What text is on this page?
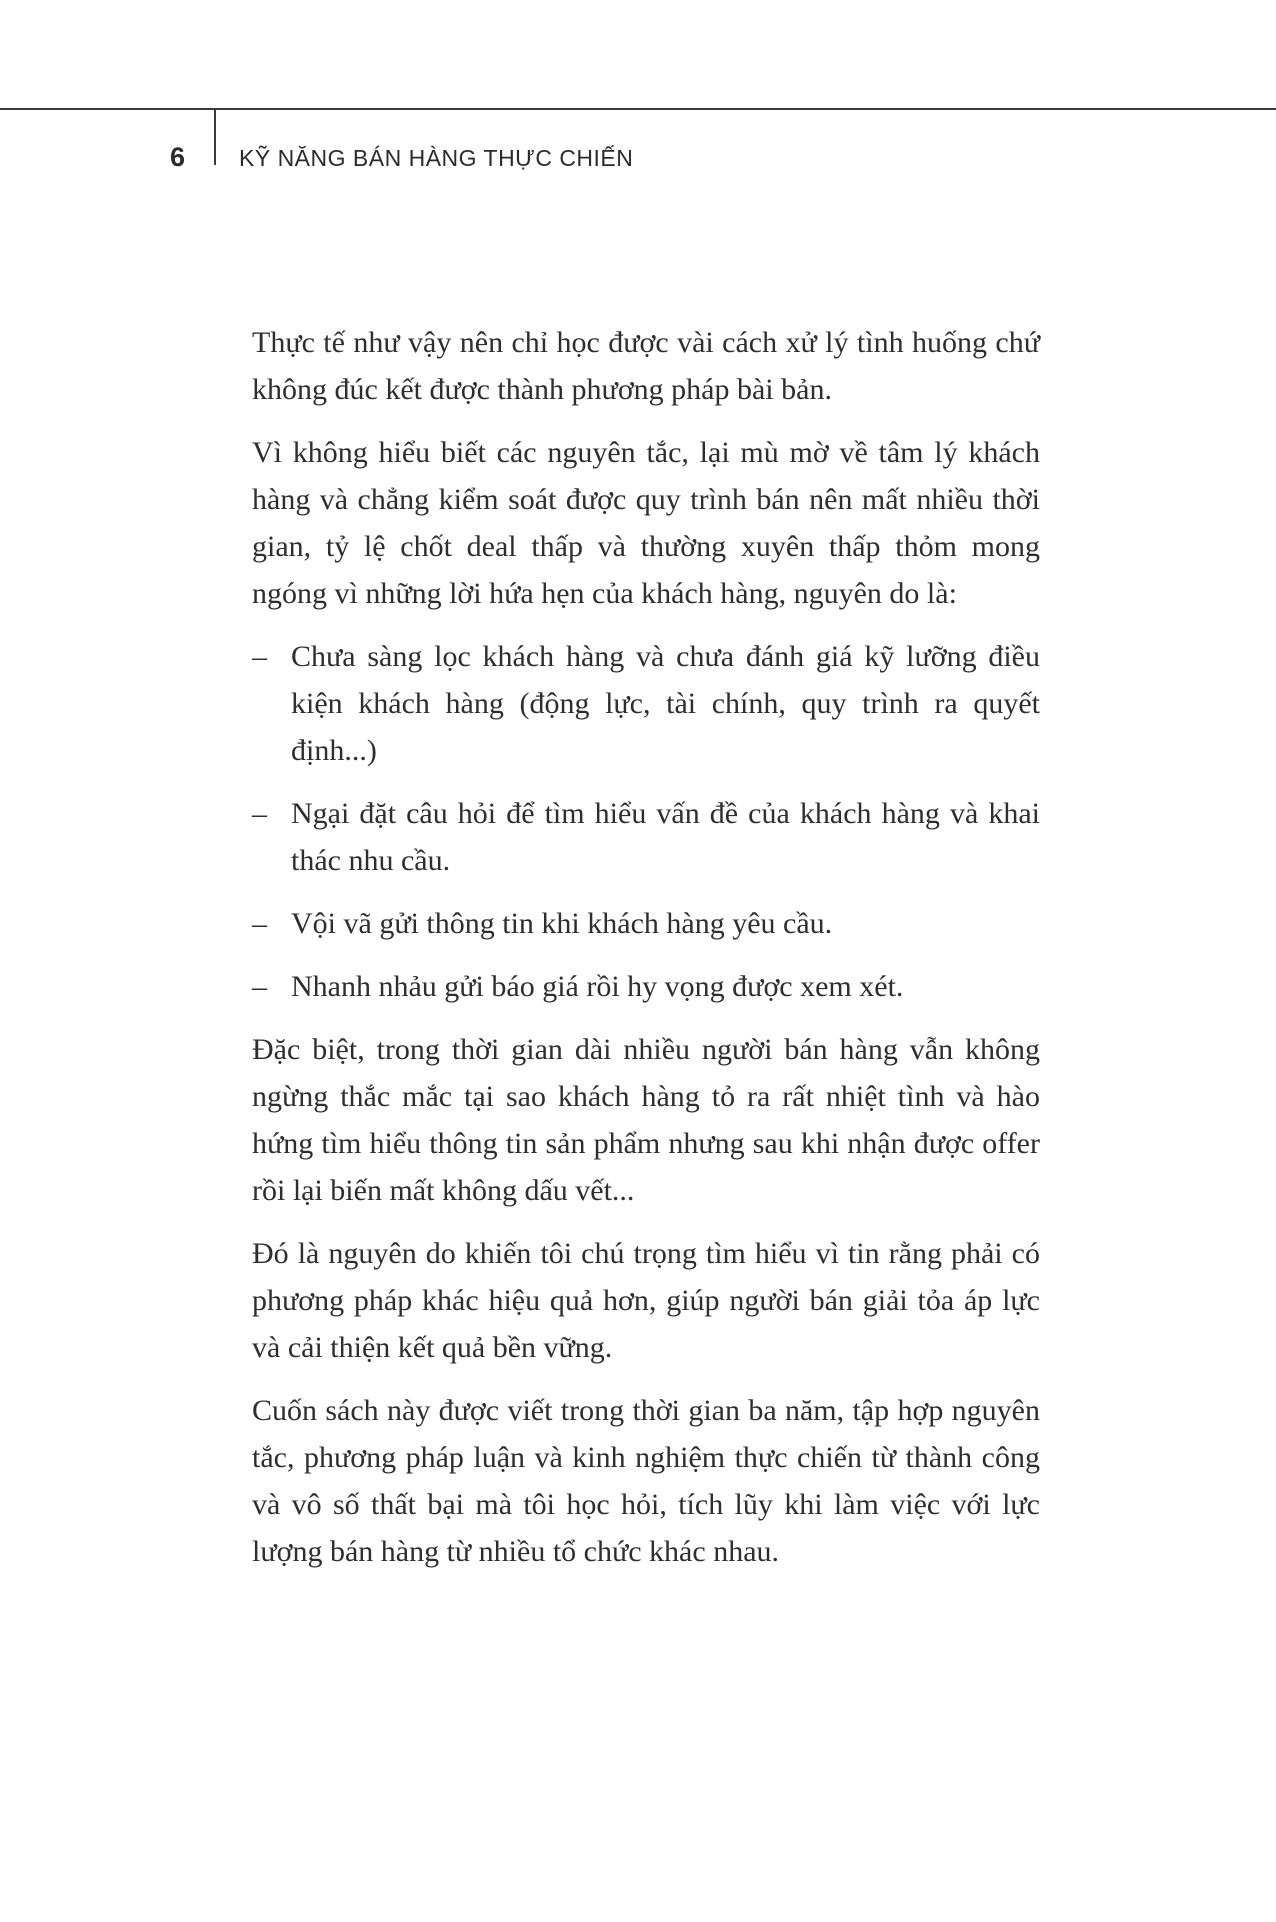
6 KỸ NĂNG BÁN HÀNG THỰC CHIẾN

Thực tế như vậy nên chỉ học được vài cách xử lý tình huống chứ không đúc kết được thành phương pháp bài bản.

Vì không hiểu biết các nguyên tắc, lại mù mờ về tâm lý khách hàng và chẳng kiểm soát được quy trình bán nên mất nhiều thời gian, tỷ lệ chốt deal thấp và thường xuyên thấp thỏm mong ngóng vì những lời hứa hẹn của khách hàng, nguyên do là:

– Chưa sàng lọc khách hàng và chưa đánh giá kỹ lưỡng điều kiện khách hàng (động lực, tài chính, quy trình ra quyết định...)
– Ngại đặt câu hỏi để tìm hiểu vấn đề của khách hàng và khai thác nhu cầu.
– Vội vã gửi thông tin khi khách hàng yêu cầu.
– Nhanh nhảu gửi báo giá rồi hy vọng được xem xét.

Đặc biệt, trong thời gian dài nhiều người bán hàng vẫn không ngừng thắc mắc tại sao khách hàng tỏ ra rất nhiệt tình và hào hứng tìm hiểu thông tin sản phẩm nhưng sau khi nhận được offer rồi lại biến mất không dấu vết...

Đó là nguyên do khiến tôi chú trọng tìm hiểu vì tin rằng phải có phương pháp khác hiệu quả hơn, giúp người bán giải tỏa áp lực và cải thiện kết quả bền vững.

Cuốn sách này được viết trong thời gian ba năm, tập hợp nguyên tắc, phương pháp luận và kinh nghiệm thực chiến từ thành công và vô số thất bại mà tôi học hỏi, tích lũy khi làm việc với lực lượng bán hàng từ nhiều tổ chức khác nhau.
